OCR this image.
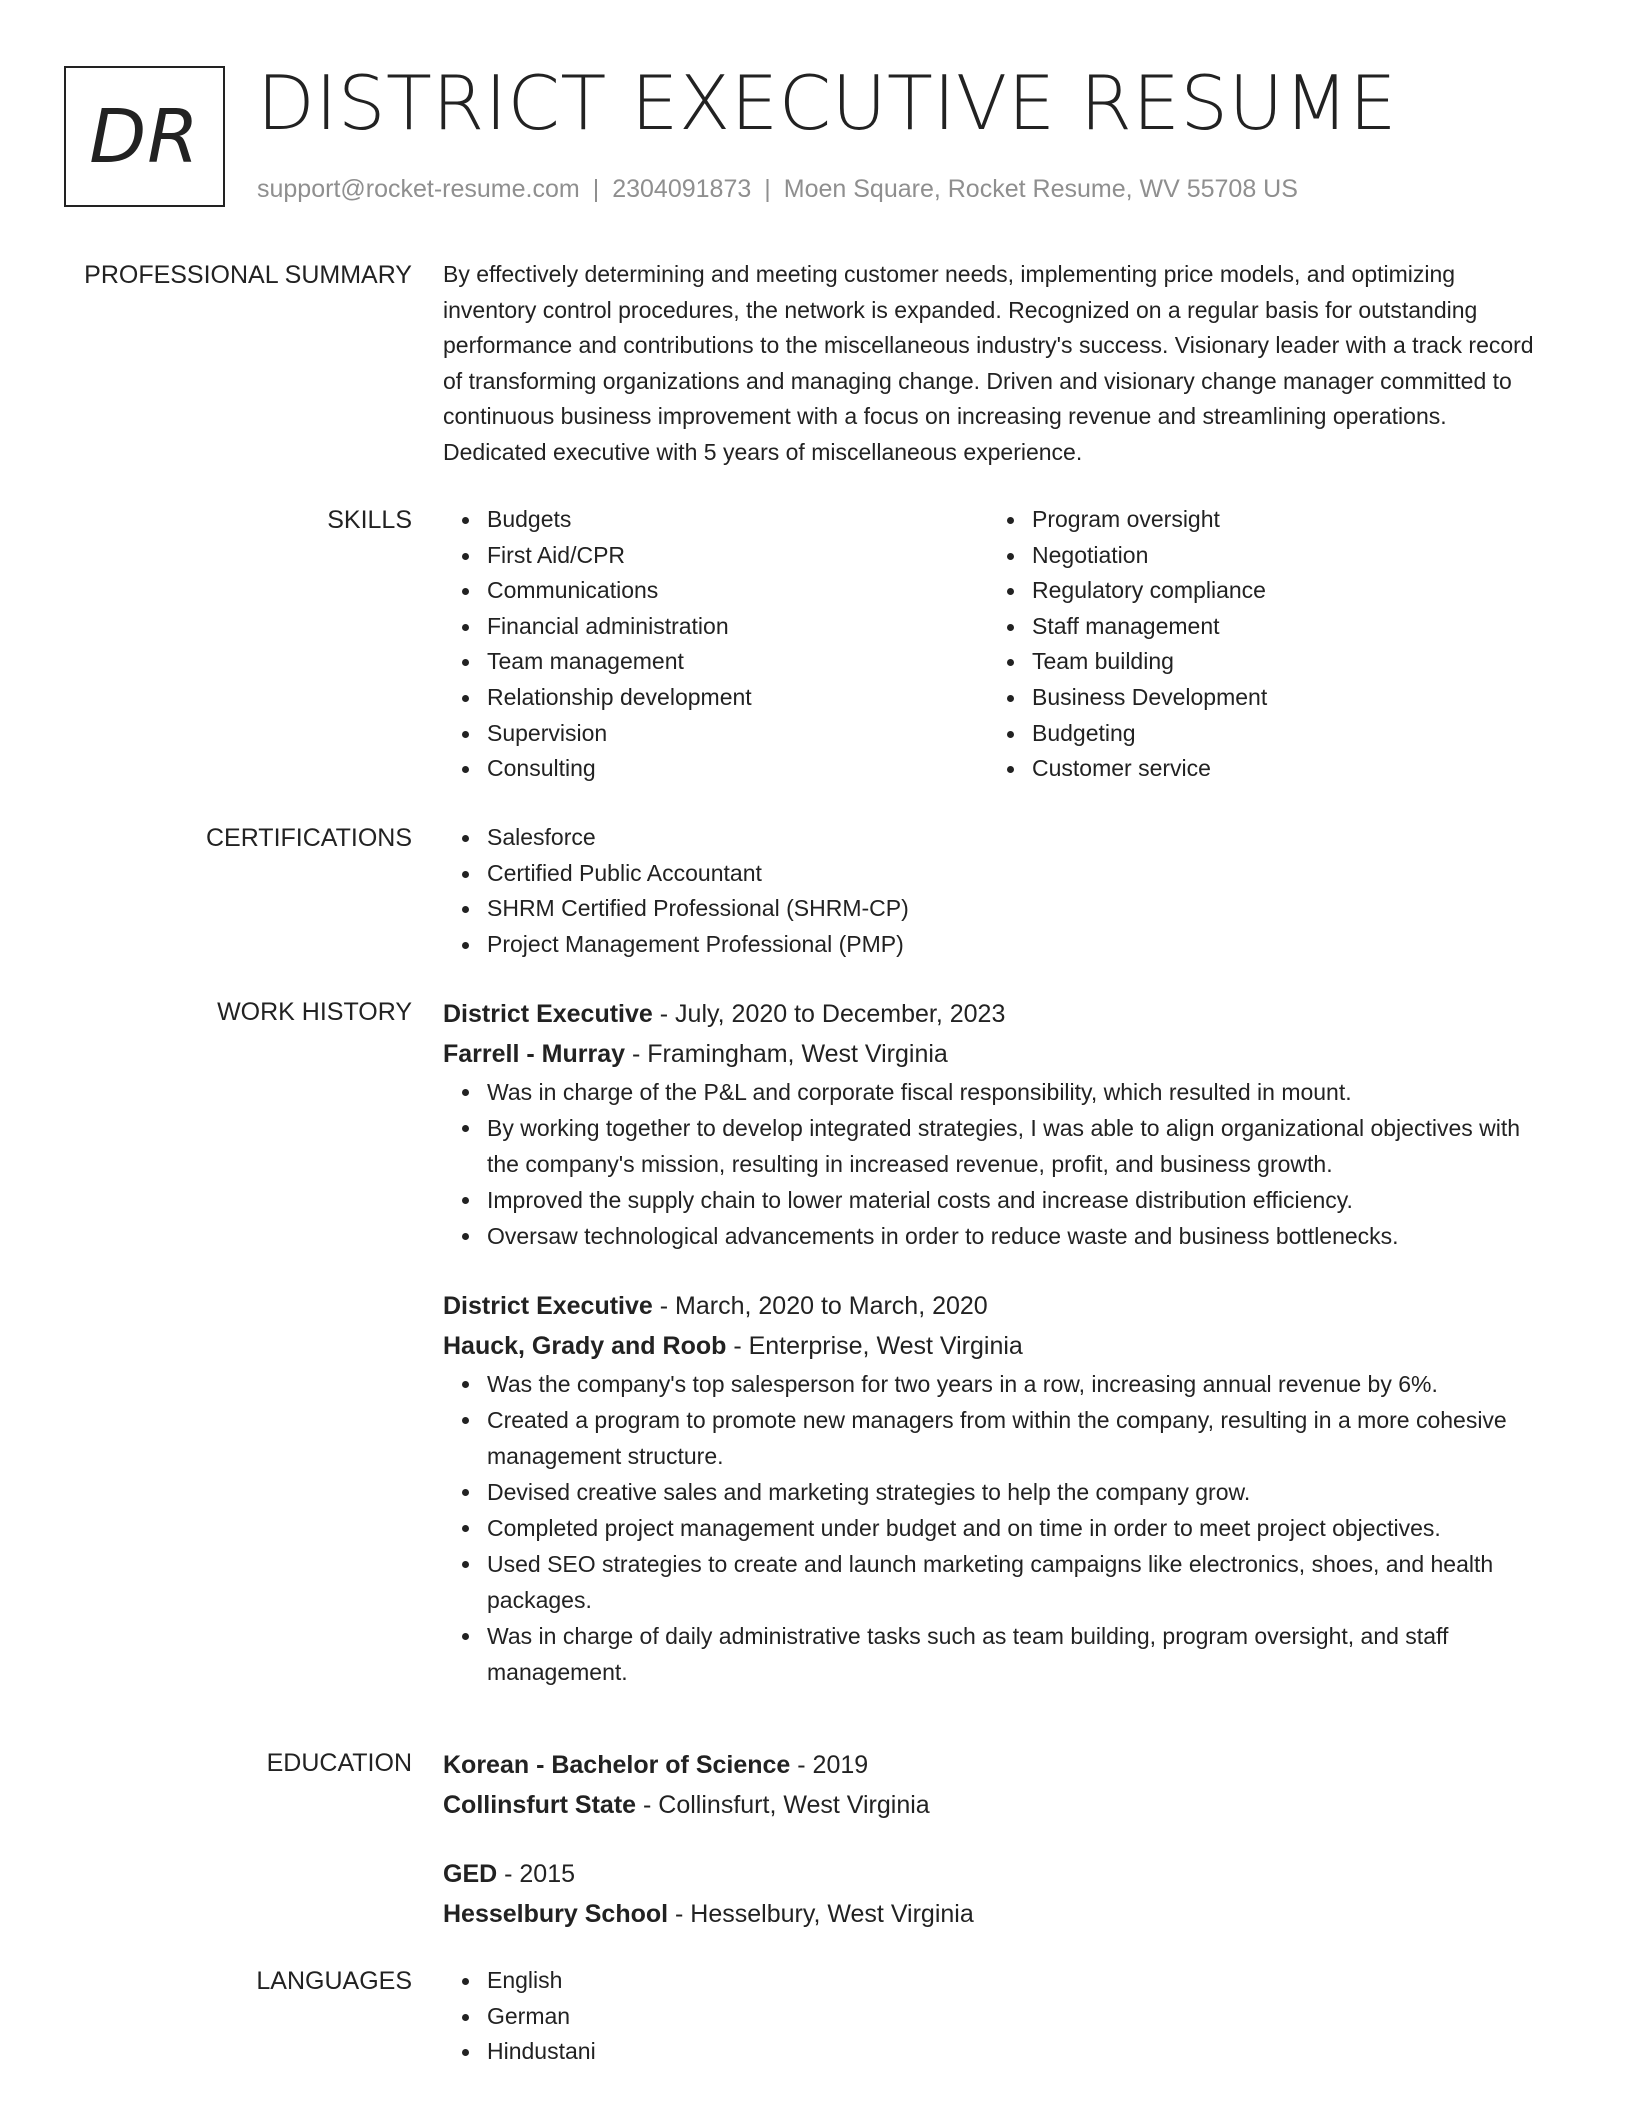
DR DISTRICT EXECUTIVE RESUME
support@rocket-resume.com | 2304091873 | Moen Square, Rocket Resume, WV 55708 US
PROFESSIONAL SUMMARY By effectively determining and meeting customer needs, implementing price models, and optimizing inventory control procedures, the network is expanded. Recognized on a regular basis for outstanding performance and contributions to the miscellaneous industry's success. Visionary leader with a track record of transforming organizations and managing change. Driven and visionary change manager committed to continuous business improvement with a focus on increasing revenue and streamlining operations. Dedicated executive with 5 years of miscellaneous experience.
SKILLS	Budgets
First Aid/CPR
Communications
Financial administration
Team management
Relationship development
Supervision
Consulting
Program oversight
Negotiation
Regulatory compliance
Staff management
Team building
Business Development
Budgeting
Customer service
CERTIFICATIONS	Salesforce
Certified Public Accountant
SHRM Certified Professional (SHRM-CP)
Project Management Professional (PMP)
WORK HISTORY District Executive - July, 2020 to December, 2023
Farrell - Murray - Framingham, West Virginia
Was in charge of the P&L and corporate fiscal responsibility, which resulted in mount.
By working together to develop integrated strategies, I was able to align organizational objectives with the company's mission, resulting in increased revenue, profit, and business growth.
Improved the supply chain to lower material costs and increase distribution efficiency.
Oversaw technological advancements in order to reduce waste and business bottlenecks.
District Executive - March, 2020 to March, 2020
Hauck, Grady and Roob - Enterprise, West Virginia
Was the company's top salesperson for two years in a row, increasing annual revenue by 6%.
Created a program to promote new managers from within the company, resulting in a more cohesive management structure.
Devised creative sales and marketing strategies to help the company grow.
Completed project management under budget and on time in order to meet project objectives.
Used SEO strategies to create and launch marketing campaigns like electronics, shoes, and health packages.
Was in charge of daily administrative tasks such as team building, program oversight, and staff management.
EDUCATION Korean - Bachelor of Science - 2019
Collinsfurt State - Collinsfurt, West Virginia
GED - 2015
Hesselbury School - Hesselbury, West Virginia
LANGUAGES	English
German
Hindustani
